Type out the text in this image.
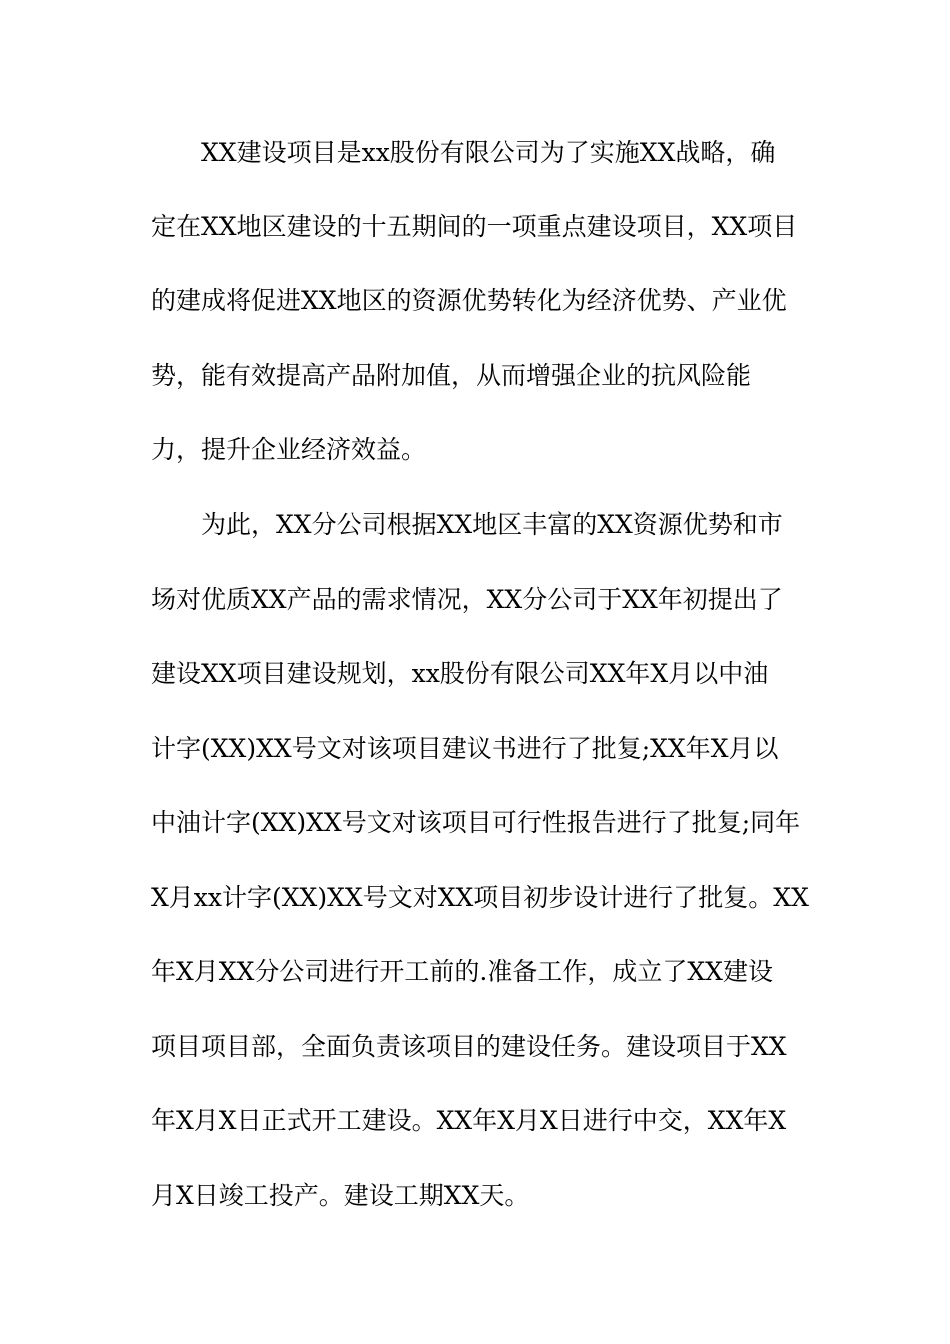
XX建设项目是xx股份有限公司为了实施XX战略，确
定在XX地区建设的十五期间的一项重点建设项目，XX项目
的建成将促进XX地区的资源优势转化为经济优势、产业优
势，能有效提高产品附加值，从而增强企业的抗风险能
力，提升企业经济效益。
为此，XX分公司根据XX地区丰富的XX资源优势和市
场对优质XX产品的需求情况，XX分公司于XX年初提出了
建设XX项目建设规划，xx股份有限公司XX年X月以中油
计字(XX)XX号文对该项目建议书进行了批复;XX年X月以
中油计字(XX)XX号文对该项目可行性报告进行了批复;同年
X月xx计字(XX)XX号文对XX项目初步设计进行了批复。XX
年X月XX分公司进行开工前的.准备工作，成立了XX建设
项目项目部，全面负责该项目的建设任务。建设项目于XX
年X月X日正式开工建设。XX年X月X日进行中交，XX年X
月X日竣工投产。建设工期XX天。
